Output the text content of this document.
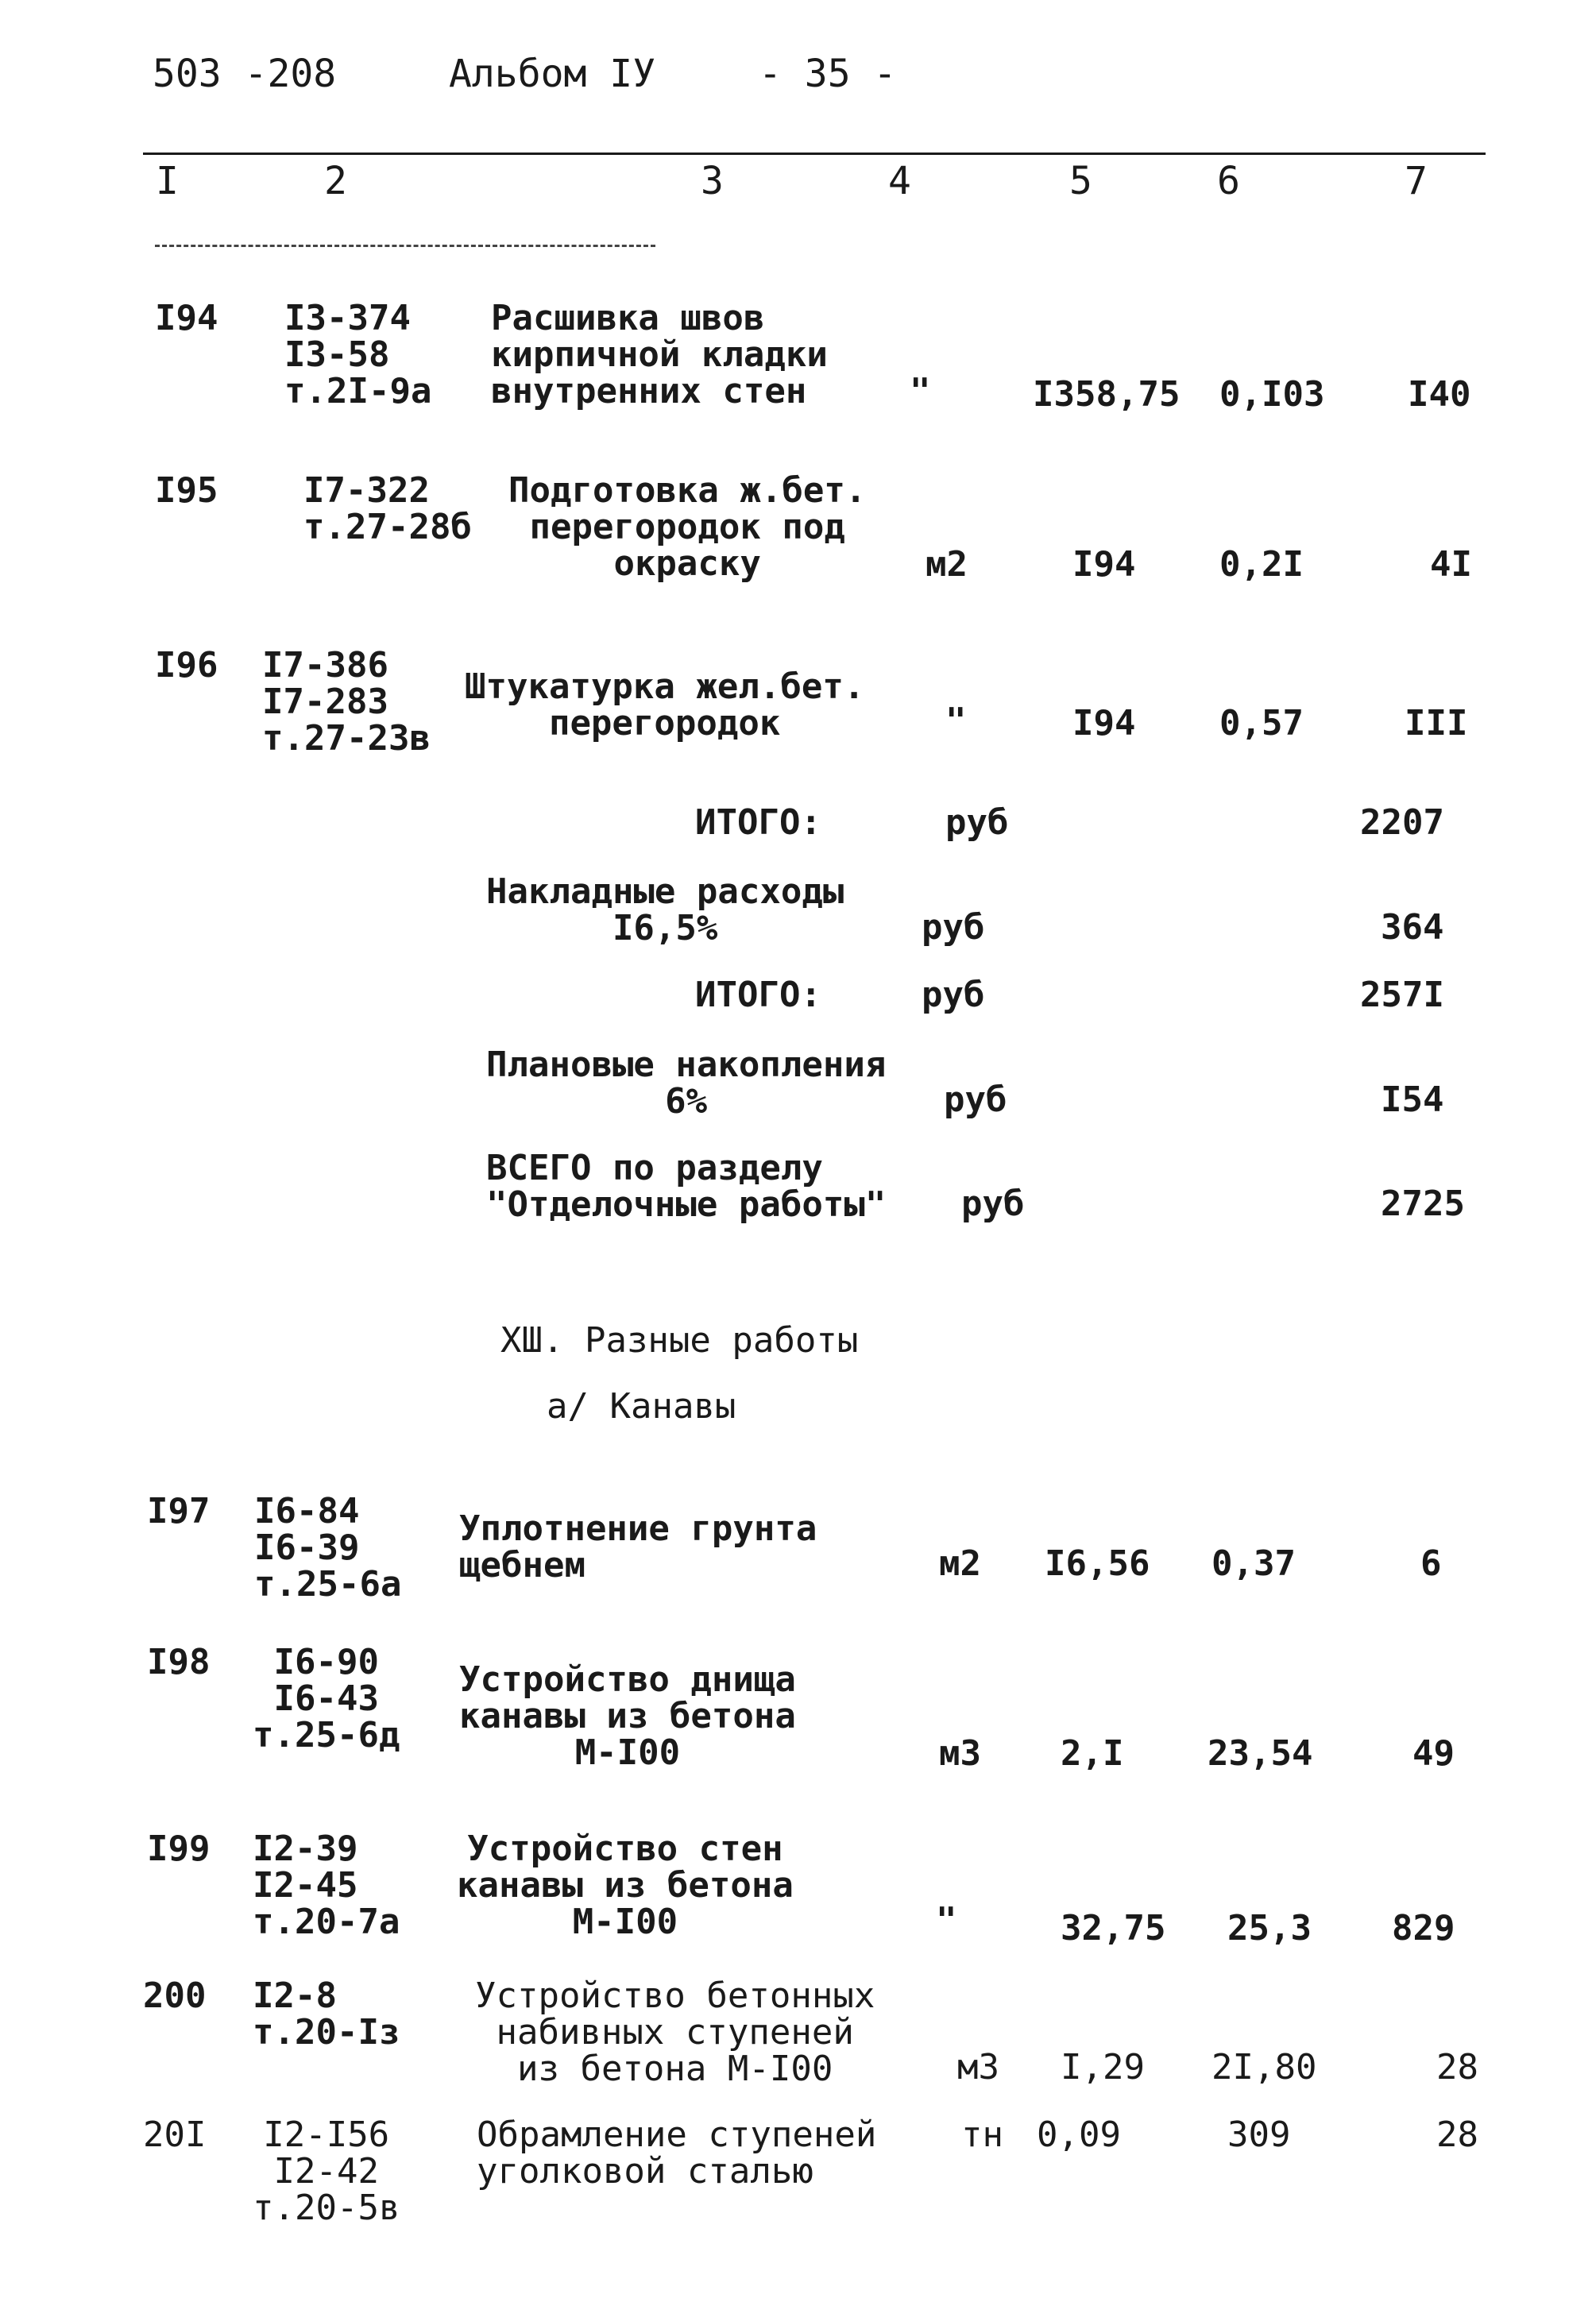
503 -208	Альбом IУ	- 35 -
I	2	3	4	5	6	7
I94 I3-374
I3-58
т.2I-9а
Расшивка швов
кирпичной кладки
внутренних стен	"	I358,75 0,I03 I40
I95 I7-322
т.27-28б
Подготовка ж.бет.
перегородок под
окраску	м2	I94 0,2I	4I
I96 I7-386
I7-283
т.27-23в
Штукатурка жел.бет.
перегородок	"	I94 0,57	III
ИТОГО:	руб	2207
Накладные расходы
I6,5%	руб	364
ИТОГО:	руб	257I
Плановые накопления
6%	руб	I54
ВСЕГО по разделу
"Отделочные работы" руб	2725
ХШ. Разные работы
а/ Канавы
I97 I6-84
I6-39
т.25-6а
Уплотнение грунта
щебнем	м2 I6,56 0,37	6
I98	I6-90
I6-43
т.25-6д
Устройство днища
канавы из бетона
М-I00	м3 2,I 23,54	49
I99 I2-39
I2-45
т.20-7а
Устройство стен
канавы из бетона
М-I00	"	32,75 25,3 829
200 I2-8
т.20-Iз
Устройство бетонных
набивных ступеней
из бетона М-I00	м3 I,29 2I,80	28
20I	I2-I56
I2-42
т.20-5в
Обрамление ступеней
уголковой сталью
тн 0,09	309	28
